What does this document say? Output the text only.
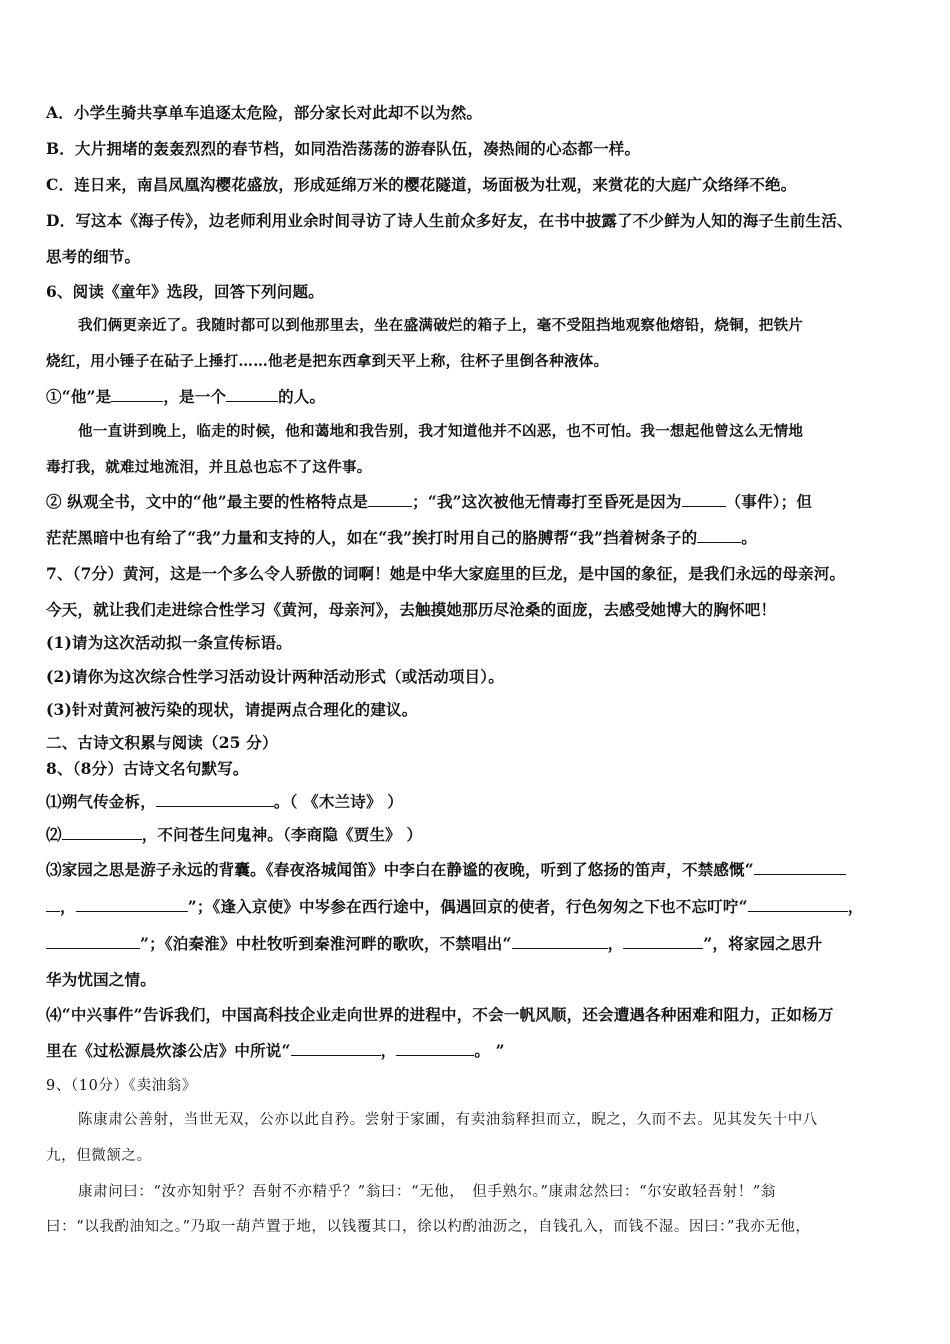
A．小学生骑共享单车追逐太危险，部分家长对此却不以为然。
B．大片拥堵的轰轰烈烈的春节档，如同浩浩荡荡的游春队伍，凑热闹的心态都一样。
C．连日来，南昌凤凰沟樱花盛放，形成延绵万米的樱花隧道，场面极为壮观，来赏花的大庭广众络绎不绝。
D．写这本《海子传》，边老师利用业余时间寻访了诗人生前众多好友，在书中披露了不少鲜为人知的海子生前生活、
思考的细节。
6、阅读《童年》选段，回答下列问题。
我们俩更亲近了。我随时都可以到他那里去，坐在盛满破烂的箱子上，毫不受阻挡地观察他熔铅，烧铜，把铁片
烧红，用小锤子在砧子上捶打……他老是把东西拿到天平上称，往杯子里倒各种液体。
①“他”是	，是一个	的人。
他一直讲到晚上，临走的时候，他和蔼地和我告别，我才知道他并不凶恶，也不可怕。我一想起他曾这么无情地
毒打我，就难过地流泪，并且总也忘不了这件事。
② 纵观全书，文中的“他”最主要的性格特点是	；“我”这次被他无情毒打至昏死是因为	（事件）；但
茫茫黑暗中也有给了“我”力量和支持的人，如在“我”挨打时用自己的胳膊帮“我”挡着树条子的	。
7、（7分）黄河，这是一个多么令人骄傲的词啊！她是中华大家庭里的巨龙，是中国的象征，是我们永远的母亲河。
今天，就让我们走进综合性学习《黄河，母亲河》，去触摸她那历尽沧桑的面庞，去感受她博大的胸怀吧！
(1)请为这次活动拟一条宣传标语。
(2)请你为这次综合性学习活动设计两种活动形式（或活动项目）。
(3)针对黄河被污染的现状，请提两点合理化的建议。
二、古诗文积累与阅读（25 分）
8、（8分）古诗文名句默写。
⑴朔气传金柝，	。（ 《木兰诗》 ）
⑵	，不问苍生问鬼神。（李商隐《贾生》 ）
⑶家园之思是游子永远的背囊。《春夜洛城闻笛》中李白在静谧的夜晚，听到了悠扬的笛声，不禁感慨“
，	”；《逢入京使》中岑参在西行途中，偶遇回京的使者，行色匆匆之下也不忘叮咛“	，
”；《泊秦淮》中杜牧听到秦淮河畔的歌吹，不禁唱出“	，	”，将家园之思升
华为忧国之情。
⑷“中兴事件”告诉我们，中国高科技企业走向世界的进程中，不会一帆风顺，还会遭遇各种困难和阻力，正如杨万
里在《过松源晨炊漆公店》中所说“	，	。 ”
9、（10分）《卖油翁》
陈康肃公善射，当世无双，公亦以此自矜。尝射于家圃，有卖油翁释担而立，睨之，久而不去。见其发矢十中八
九，但微颔之。
康肃问曰：“汝亦知射乎？吾射不亦精乎？”翁曰：“无他，　但手熟尔。”康肃忿然曰：“尔安敢轻吾射！”翁
曰：“以我酌油知之。”乃取一葫芦置于地，以钱覆其口，徐以杓酌油沥之，自钱孔入，而钱不湿。因曰：”我亦无他，
